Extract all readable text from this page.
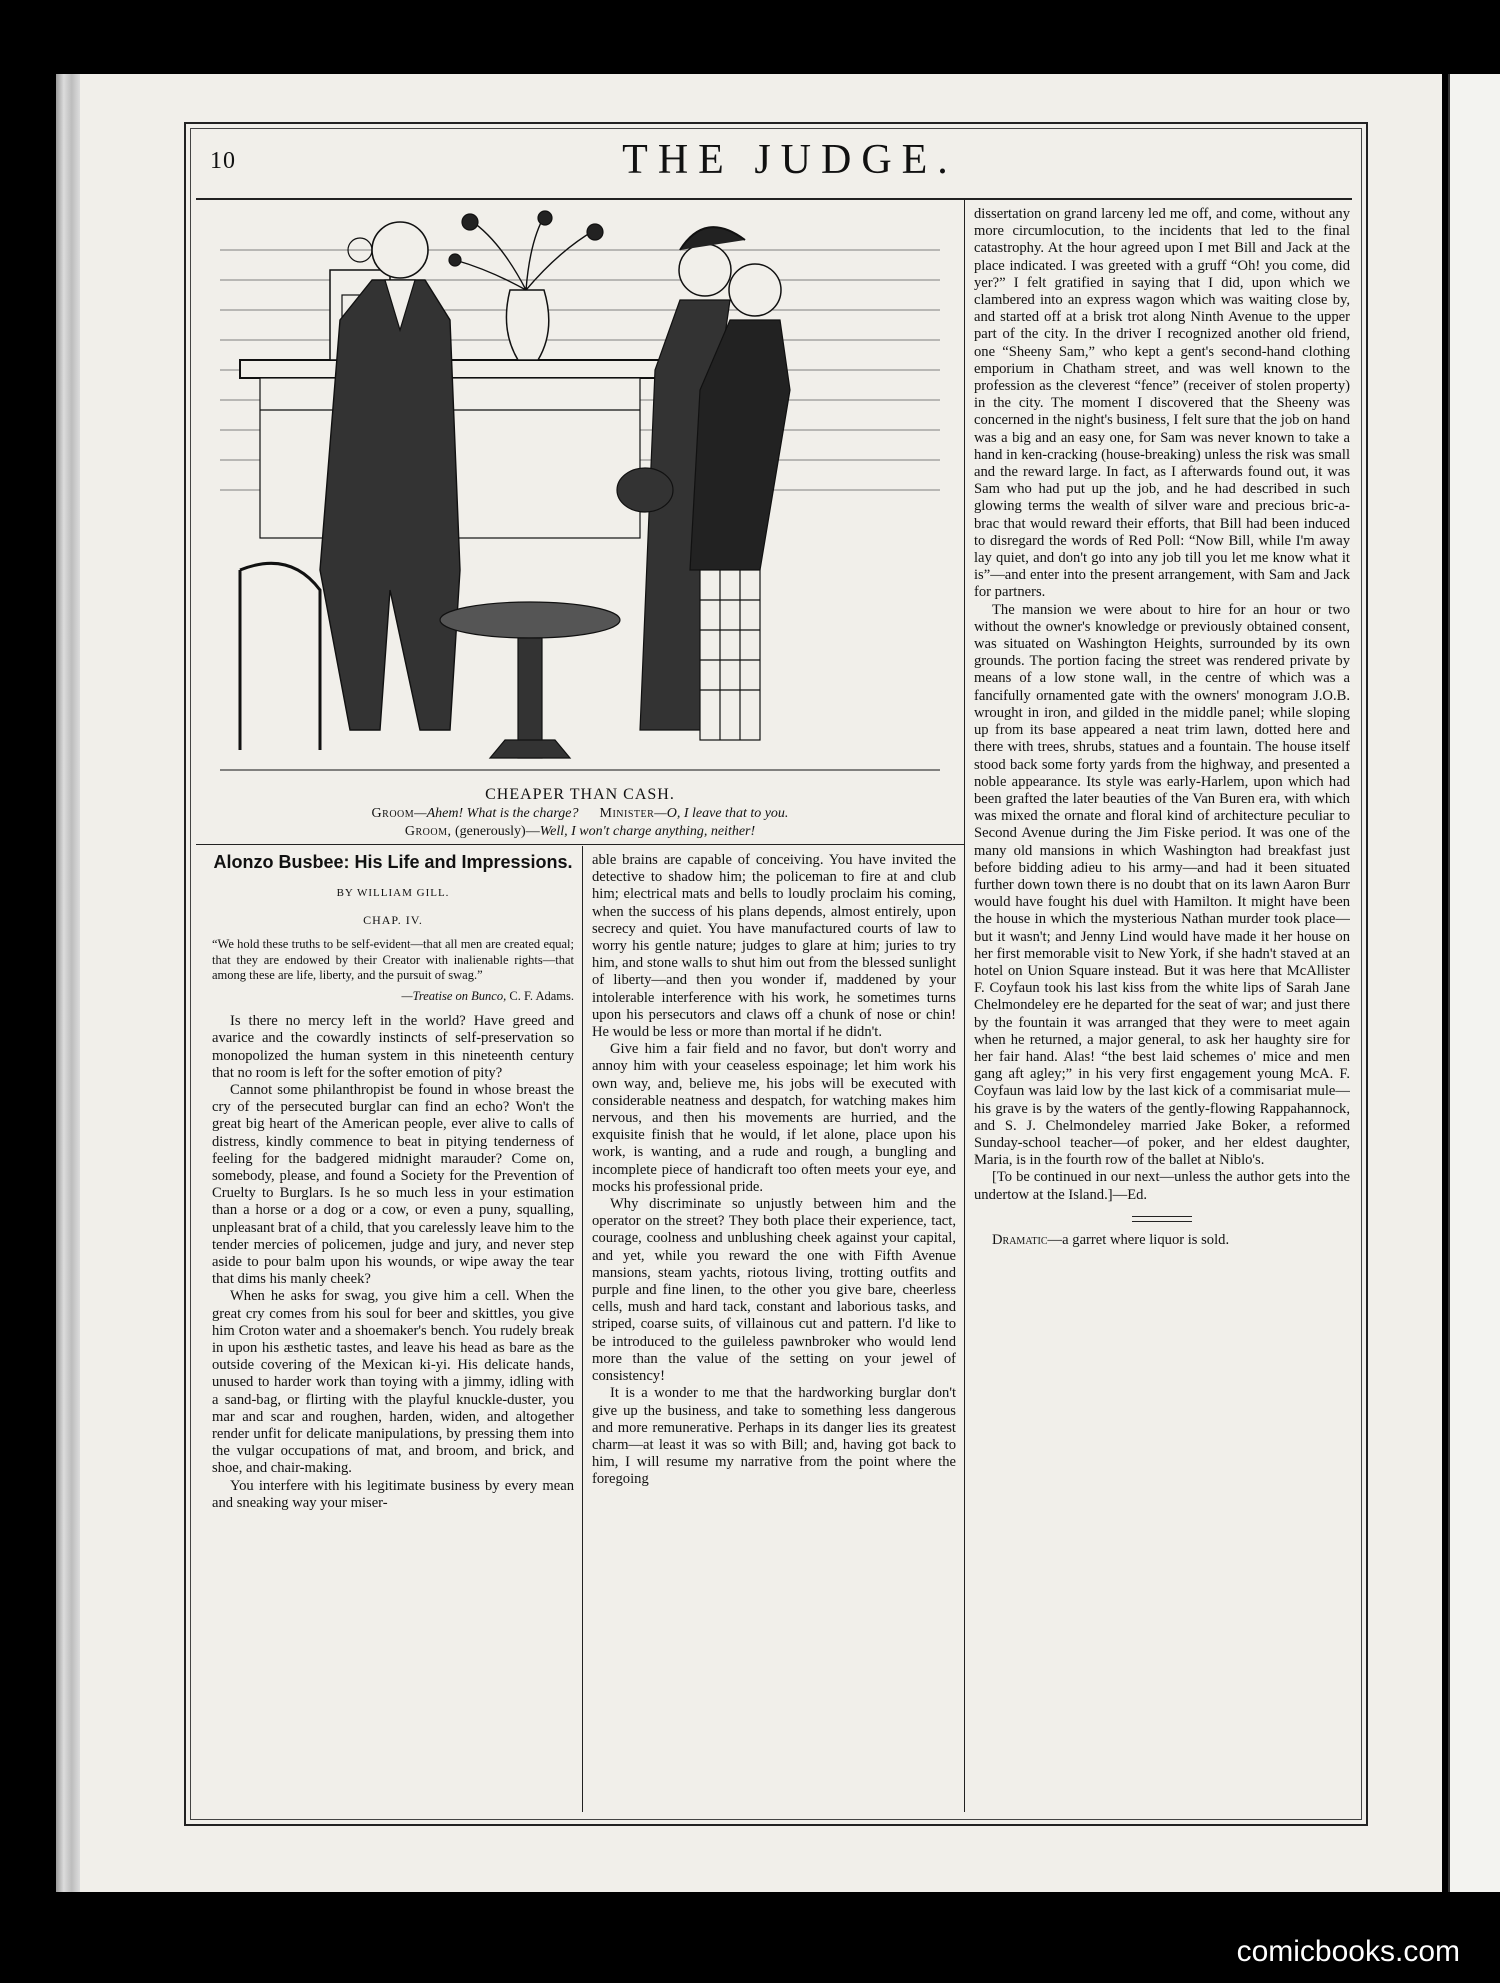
10	THE JUDGE.
CHEAPER THAN CASH.
Groom—Ahem! What is the charge? Minister—O, I leave that to you.
Groom, (generously)—Well, I won't charge anything, neither!
Alonzo Busbee: His Life and Impressions.
BY WILLIAM GILL.
CHAP. IV.
“We hold these truths to be self-evident—that all men are created equal; that they are endowed by their Creator with inalienable rights—that among these are life, liberty, and the pursuit of swag.”
—Treatise on Bunco, C. F. Adams.

Is there no mercy left in the world? Have greed and avarice and the cowardly instincts of self-preservation so monopolized the human system in this nineteenth century that no room is left for the softer emotion of pity?

Cannot some philanthropist be found in whose breast the cry of the persecuted burglar can find an echo? Won't the great big heart of the American people, ever alive to calls of distress, kindly commence to beat in pitying tenderness of feeling for the badgered midnight marauder? Come on, somebody, please, and found a Society for the Prevention of Cruelty to Burglars. Is he so much less in your estimation than a horse or a dog or a cow, or even a puny, squalling, unpleasant brat of a child, that you carelessly leave him to the tender mercies of policemen, judge and jury, and never step aside to pour balm upon his wounds, or wipe away the tear that dims his manly cheek?

When he asks for swag, you give him a cell. When the great cry comes from his soul for beer and skittles, you give him Croton water and a shoemaker's bench. You rudely break in upon his æsthetic tastes, and leave his head as bare as the outside covering of the Mexican ki-yi. His delicate hands, unused to harder work than toying with a jimmy, idling with a sand-bag, or flirting with the playful knuckle-duster, you mar and scar and roughen, harden, widen, and altogether render unfit for delicate manipulations, by pressing them into the vulgar occupations of mat, and broom, and brick, and shoe, and chair-making.

You interfere with his legitimate business by every mean and sneaking way your miser-

able brains are capable of conceiving. You have invited the detective to shadow him; the policeman to fire at and club him; electrical mats and bells to loudly proclaim his coming, when the success of his plans depends, almost entirely, upon secrecy and quiet. You have manufactured courts of law to worry his gentle nature; judges to glare at him; juries to try him, and stone walls to shut him out from the blessed sunlight of liberty—and then you wonder if, maddened by your intolerable interference with his work, he sometimes turns upon his persecutors and claws off a chunk of nose or chin! He would be less or more than mortal if he didn't.

Give him a fair field and no favor, but don't worry and annoy him with your ceaseless espoinage; let him work his own way, and, believe me, his jobs will be executed with considerable neatness and despatch, for watching makes him nervous, and then his movements are hurried, and the exquisite finish that he would, if let alone, place upon his work, is wanting, and a rude and rough, a bungling and incomplete piece of handicraft too often meets your eye, and mocks his professional pride.

Why discriminate so unjustly between him and the operator on the street? They both place their experience, tact, courage, coolness and unblushing cheek against your capital, and yet, while you reward the one with Fifth Avenue mansions, steam yachts, riotous living, trotting outfits and purple and fine linen, to the other you give bare, cheerless cells, mush and hard tack, constant and laborious tasks, and striped, coarse suits, of villainous cut and pattern. I'd like to be introduced to the guileless pawnbroker who would lend more than the value of the setting on your jewel of consistency!

It is a wonder to me that the hardworking burglar don't give up the business, and take to something less dangerous and more remunerative. Perhaps in its danger lies its greatest charm—at least it was so with Bill; and, having got back to him, I will resume my narrative from the point where the foregoing

dissertation on grand larceny led me off, and come, without any more circumlocution, to the incidents that led to the final catastrophy. At the hour agreed upon I met Bill and Jack at the place indicated. I was greeted with a gruff “Oh! you come, did yer?” I felt gratified in saying that I did, upon which we clambered into an express wagon which was waiting close by, and started off at a brisk trot along Ninth Avenue to the upper part of the city. In the driver I recognized another old friend, one “Sheeny Sam,” who kept a gent's second-hand clothing emporium in Chatham street, and was well known to the profession as the cleverest “fence” (receiver of stolen property) in the city. The moment I discovered that the Sheeny was concerned in the night's business, I felt sure that the job on hand was a big and an easy one, for Sam was never known to take a hand in ken-cracking (house-breaking) unless the risk was small and the reward large. In fact, as I afterwards found out, it was Sam who had put up the job, and he had described in such glowing terms the wealth of silver ware and precious bric-a-brac that would reward their efforts, that Bill had been induced to disregard the words of Red Poll: “Now Bill, while I'm away lay quiet, and don't go into any job till you let me know what it is”—and enter into the present arrangement, with Sam and Jack for partners.

The mansion we were about to hire for an hour or two without the owner's knowledge or previously obtained consent, was situated on Washington Heights, surrounded by its own grounds. The portion facing the street was rendered private by means of a low stone wall, in the centre of which was a fancifully ornamented gate with the owners' monogram J.O.B. wrought in iron, and gilded in the middle panel; while sloping up from its base appeared a neat trim lawn, dotted here and there with trees, shrubs, statues and a fountain. The house itself stood back some forty yards from the highway, and presented a noble appearance. Its style was early-Harlem, upon which had been grafted the later beauties of the Van Buren era, with which was mixed the ornate and floral kind of architecture peculiar to Second Avenue during the Jim Fiske period. It was one of the many old mansions in which Washington had breakfast just before bidding adieu to his army—and had it been situated further down town there is no doubt that on its lawn Aaron Burr would have fought his duel with Hamilton. It might have been the house in which the mysterious Nathan murder took place—but it wasn't; and Jenny Lind would have made it her house on her first memorable visit to New York, if she hadn't staved at an hotel on Union Square instead. But it was here that McAllister F. Coyfaun took his last kiss from the white lips of Sarah Jane Chelmondeley ere he departed for the seat of war; and just there by the fountain it was arranged that they were to meet again when he returned, a major general, to ask her haughty sire for her fair hand. Alas! “the best laid schemes o' mice and men gang aft agley;” in his very first engagement young McA. F. Coyfaun was laid low by the last kick of a commisariat mule—his grave is by the waters of the gently-flowing Rappahannock, and S. J. Chelmondeley married Jake Boker, a reformed Sunday-school teacher—of poker, and her eldest daughter, Maria, is in the fourth row of the ballet at Niblo's.

[To be continued in our next—unless the author gets into the undertow at the Island.]—Ed.

Dramatic—a garret where liquor is sold.

comicbooks.com
